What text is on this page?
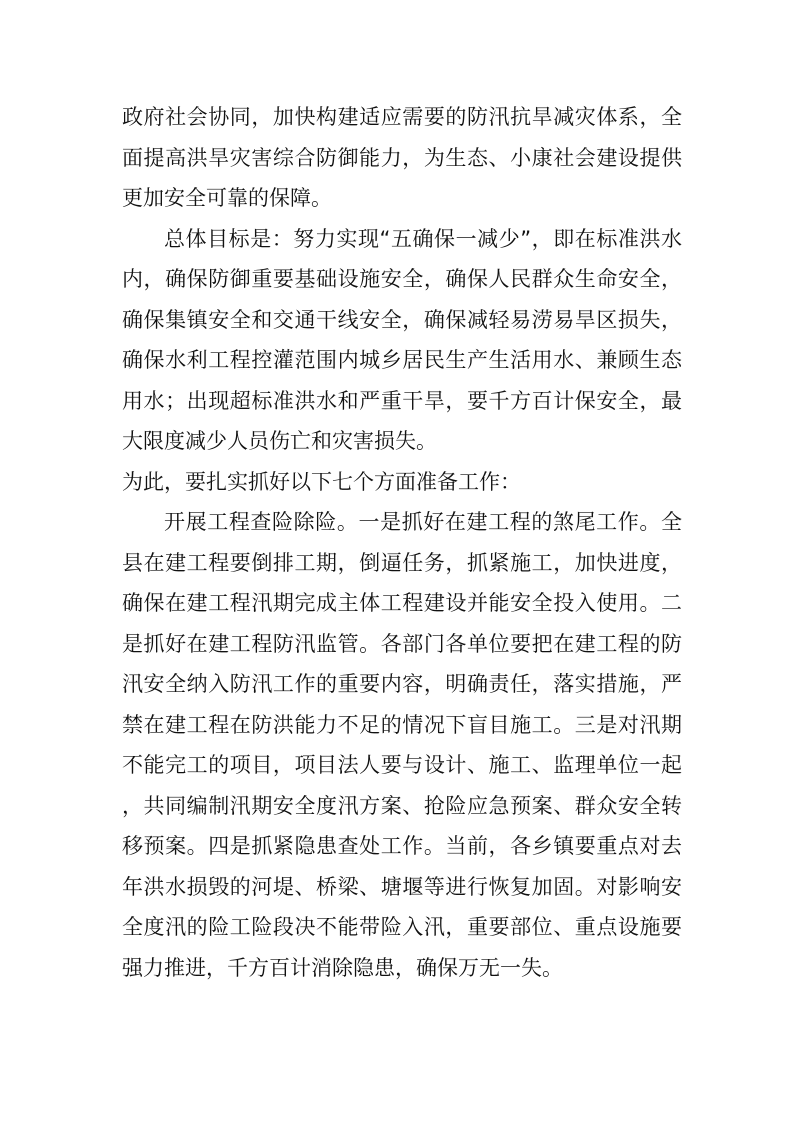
政府社会协同，加快构建适应需要的防汛抗旱减灾体系，全面提高洪旱灾害综合防御能力，为生态、小康社会建设提供更加安全可靠的保障。

总体目标是：努力实现“五确保一减少”，即在标准洪水内，确保防御重要基础设施安全，确保人民群众生命安全，确保集镇安全和交通干线安全，确保减轻易涝易旱区损失，确保水利工程控灌范围内城乡居民生产生活用水、兼顾生态用水；出现超标准洪水和严重干旱，要千方百计保安全，最大限度减少人员伤亡和灾害损失。

为此，要扎实抓好以下七个方面准备工作：

开展工程查险除险。一是抓好在建工程的煞尾工作。全县在建工程要倒排工期，倒逼任务，抓紧施工，加快进度，确保在建工程汛期完成主体工程建设并能安全投入使用。二是抓好在建工程防汛监管。各部门各单位要把在建工程的防汛安全纳入防汛工作的重要内容，明确责任，落实措施，严禁在建工程在防洪能力不足的情况下盲目施工。三是对汛期不能完工的项目，项目法人要与设计、施工、监理单位一起，共同编制汛期安全度汛方案、抢险应急预案、群众安全转移预案。四是抓紧隐患查处工作。当前，各乡镇要重点对去年洪水损毁的河堤、桥梁、塘堰等进行恢复加固。对影响安全度汛的险工险段决不能带险入汛，重要部位、重点设施要强力推进，千方百计消除隐患，确保万无一失。
